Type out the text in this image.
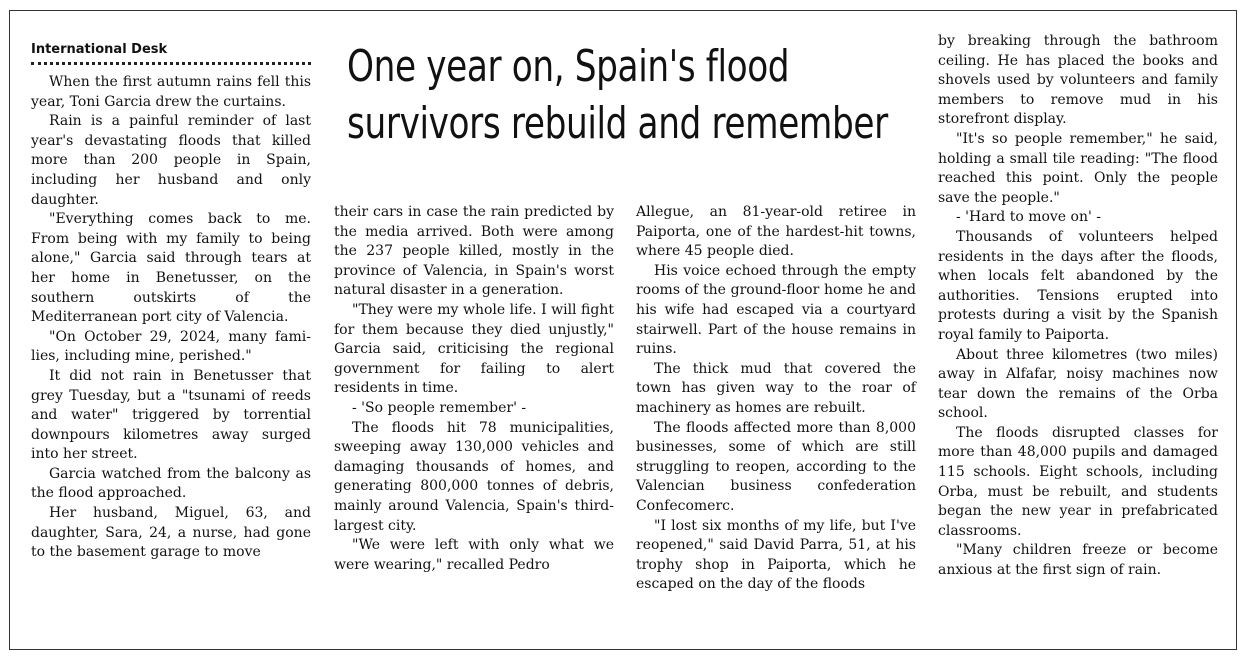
International Desk	One year on, Spain's flood
survivors rebuild and remember

When the first autumn rains fell this year, Toni Garcia drew the curtains.

Rain is a painful reminder of last year's devastating floods that killed more than 200 people in Spain, including her husband and only daughter.

"Everything comes back to me. From being with my family to being alone," Garcia said through tears at her home in Benetusser, on the southern outskirts of the Mediterranean port city of Valencia.

"On October 29, 2024, many families, including mine, perished."

It did not rain in Benetusser that grey Tuesday, but a "tsunami of reeds and water" triggered by torrential downpours kilometres away surged into her street.

Garcia watched from the balcony as the flood approached.

Her husband, Miguel, 63, and daughter, Sara, 24, a nurse, had gone to the basement garage to move

their cars in case the rain predicted by the media arrived. Both were among the 237 people killed, mostly in the province of Valencia, in Spain's worst natural disaster in a generation.

"They were my whole life. I will fight for them because they died unjustly," Garcia said, criticising the regional government for failing to alert residents in time.

- 'So people remember' -

The floods hit 78 municipalities, sweeping away 130,000 vehicles and damaging thousands of homes, and generating 800,000 tonnes of debris, mainly around Valencia, Spain's third-largest city.

"We were left with only what we were wearing," recalled Pedro

Allegue, an 81-year-old retiree in Paiporta, one of the hardest-hit towns, where 45 people died.

His voice echoed through the empty rooms of the ground-floor home he and his wife had escaped via a courtyard stairwell. Part of the house remains in ruins.

The thick mud that covered the town has given way to the roar of machinery as homes are rebuilt.

The floods affected more than 8,000 businesses, some of which are still struggling to reopen, according to the Valencian business confederation Confecomerc.

"I lost six months of my life, but I've reopened," said David Parra, 51, at his trophy shop in Paiporta, which he escaped on the day of the floods

by breaking through the bathroom ceiling. He has placed the books and shovels used by volunteers and family members to remove mud in his storefront display.

"It's so people remember," he said, holding a small tile reading: "The flood reached this point. Only the people save the people."

- 'Hard to move on' -

Thousands of volunteers helped residents in the days after the floods, when locals felt abandoned by the authorities. Tensions erupted into protests during a visit by the Spanish royal family to Paiporta.

About three kilometres (two miles) away in Alfafar, noisy machines now tear down the remains of the Orba school.

The floods disrupted classes for more than 48,000 pupils and damaged 115 schools. Eight schools, including Orba, must be rebuilt, and students began the new year in prefabricated classrooms.

"Many children freeze or become anxious at the first sign of rain.
